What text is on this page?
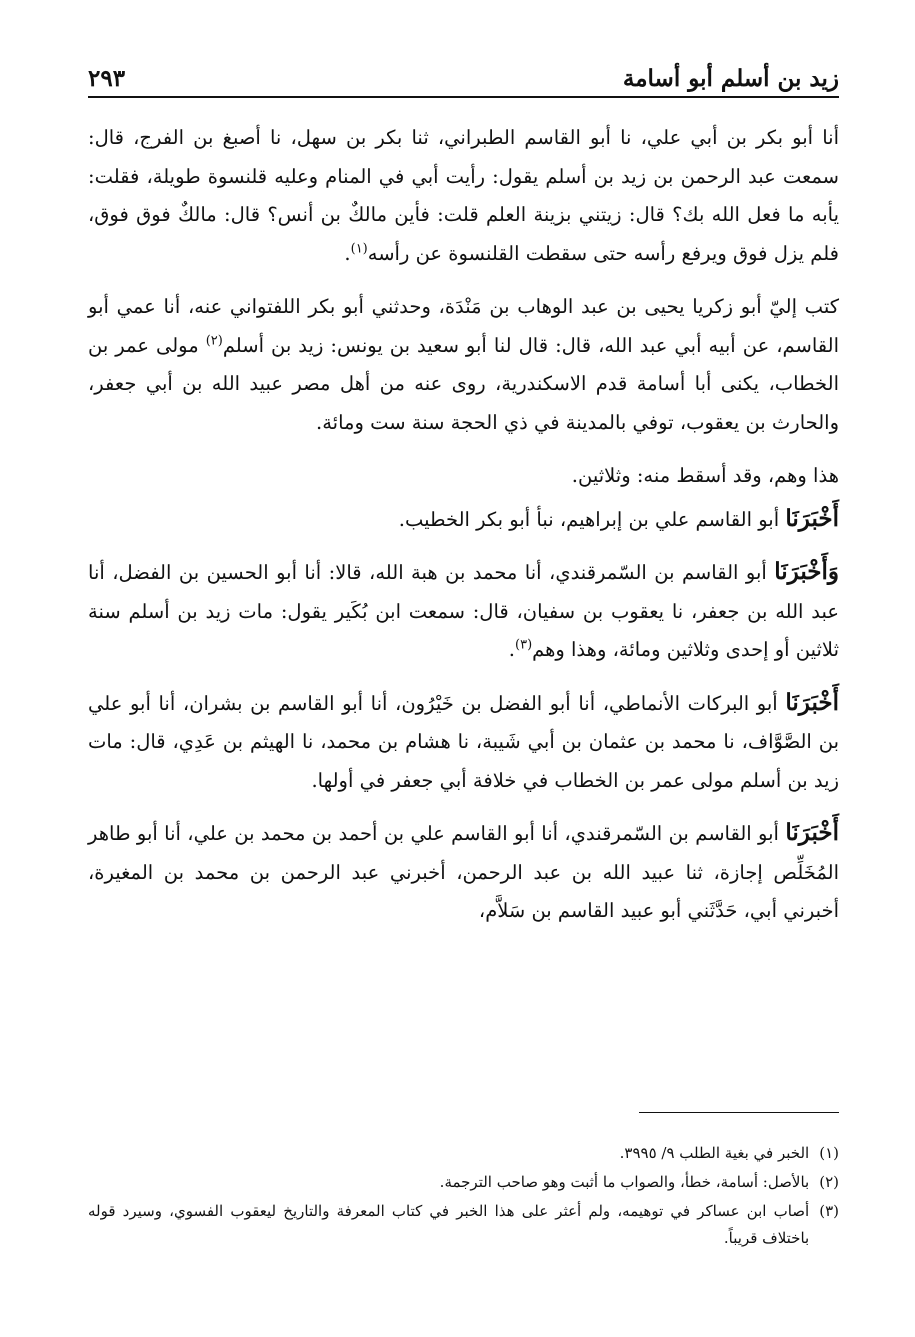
زيد بن أسلم أبو أسامة
٢٩٣

أنا أبو بكر بن أبي علي، نا أبو القاسم الطبراني، ثنا بكر بن سهل، نا أصبغ بن الفرج، قال: سمعت عبد الرحمن بن زيد بن أسلم يقول: رأيت أبي في المنام وعليه قلنسوة طويلة، فقلت: يأبه ما فعل الله بك؟ قال: زيتني بزينة العلم قلت: فأين مالكٌ بن أنس؟ قال: مالكٌ فوق فوق، فلم يزل فوق ويرفع رأسه حتى سقطت القلنسوة عن رأسه$^{(١)}$.

كتب إليّ أبو زكريا يحيى بن عبد الوهاب بن مَنْدَة، وحدثني أبو بكر اللفتواني عنه، أنا عمي أبو القاسم، عن أبيه أبي عبد الله، قال: قال لنا أبو سعيد بن يونس: زيد بن أسلم$^{(٢)}$ مولى عمر بن الخطاب، يكنى أبا أسامة قدم الاسكندرية، روى عنه من أهل مصر عبيد الله بن أبي جعفر، والحارث بن يعقوب، توفي بالمدينة في ذي الحجة سنة ست ومائة.

هذا وهم، وقد أسقط منه: وثلاثين.

أَخْبَرَنَا أبو القاسم علي بن إبراهيم، نبأ أبو بكر الخطيب.

وَأَخْبَرَنَا أبو القاسم بن السّمرقندي، أنا محمد بن هبة الله، قالا: أنا أبو الحسين بن الفضل، أنا عبد الله بن جعفر، نا يعقوب بن سفيان، قال: سمعت ابن بُكَير يقول: مات زيد بن أسلم سنة ثلاثين أو إحدى وثلاثين ومائة، وهذا وهم$^{(٣)}$.

أَخْبَرَنَا أبو البركات الأنماطي، أنا أبو الفضل بن خَيْرُون، أنا أبو القاسم بن بشران، أنا أبو علي بن الصَّوَّاف، نا محمد بن عثمان بن أبي شَيبة، نا هشام بن محمد، نا الهيثم بن عَدِي، قال: مات زيد بن أسلم مولى عمر بن الخطاب في خلافة أبي جعفر في أولها.

أَخْبَرَنَا أبو القاسم بن السّمرقندي، أنا أبو القاسم علي بن أحمد بن محمد بن علي، أنا أبو طاهر المُخَلِّص إجازة، ثنا عبيد الله بن عبد الرحمن، أخبرني عبد الرحمن بن محمد بن المغيرة، أخبرني أبي، حَدَّثَني أبو عبيد القاسم بن سَلاَّم،

(١)
الخبر في بغية الطلب ٩/ ٣٩٩٥.
(٢)
بالأصل: أسامة، خطأ، والصواب ما أثبت وهو صاحب الترجمة.
(٣)
أصاب ابن عساكر في توهيمه، ولم أعثر على هذا الخبر في كتاب المعرفة والتاريخ ليعقوب الفسوي، وسيرد قوله باختلاف قريباً.
